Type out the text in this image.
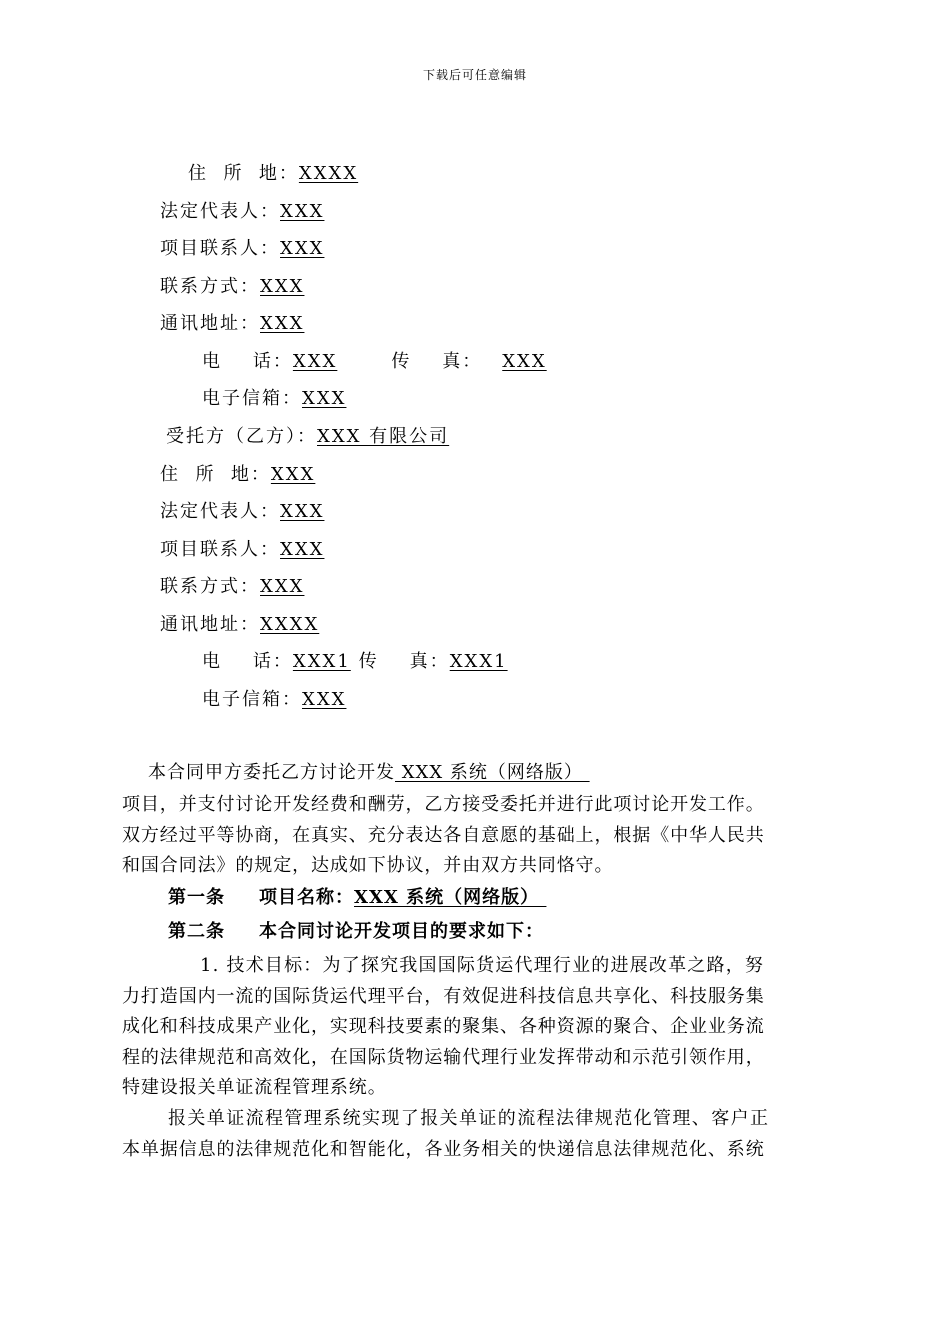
下载后可任意编辑
住  所  地：XXXX
法定代表人：XXX
项目联系人：XXX
联系方式：XXX
通讯地址：XXX
电    话：XXX	传    真： XXX
电子信箱：XXX
受托方（乙方）：XXX 有限公司
住  所  地：XXX
法定代表人：XXX
项目联系人：XXX
联系方式：XXX
通讯地址：XXXX
电    话：XXX1 传    真：XXX1
电子信箱：XXX
本合同甲方委托乙方讨论开发 XXX 系统（网络版）
项目，并支付讨论开发经费和酬劳，乙方接受委托并进行此项讨论开发工作。
双方经过平等协商，在真实、充分表达各自意愿的基础上，根据《中华人民共
和国合同法》的规定，达成如下协议，并由双方共同恪守。
第一条 项目名称：XXX 系统（网络版）
第二条 本合同讨论开发项目的要求如下：
1. 技术目标：为了探究我国国际货运代理行业的进展改革之路，努
力打造国内一流的国际货运代理平台，有效促进科技信息共享化、科技服务集
成化和科技成果产业化，实现科技要素的聚集、各种资源的聚合、企业业务流
程的法律规范和高效化，在国际货物运输代理行业发挥带动和示范引领作用，
特建设报关单证流程管理系统。
报关单证流程管理系统实现了报关单证的流程法律规范化管理、客户正
本单据信息的法律规范化和智能化，各业务相关的快递信息法律规范化、系统
